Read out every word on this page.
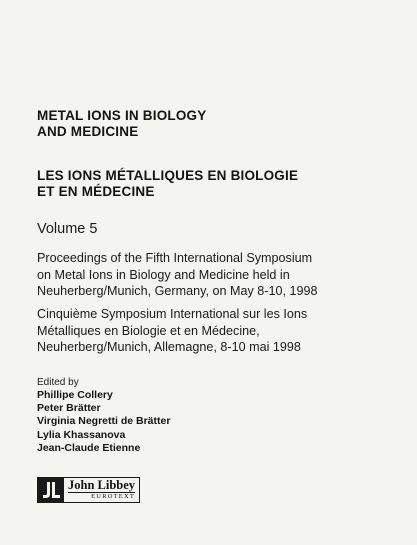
METAL IONS IN BIOLOGY
AND MEDICINE
LES IONS MÉTALLIQUES EN BIOLOGIE
ET EN MÉDECINE
Volume 5
Proceedings of the Fifth International Symposium
on Metal Ions in Biology and Medicine held in
Neuherberg/Munich, Germany, on May 8-10, 1998
Cinquième Symposium International sur les Ions
Métalliques en Biologie et en Médecine,
Neuherberg/Munich, Allemagne, 8-10 mai 1998
Edited by
Phillipe Collery
Peter Brätter
Virginia Negretti de Brätter
Lylia Khassanova
Jean-Claude Etienne
John Libbey
EUROTEXT
